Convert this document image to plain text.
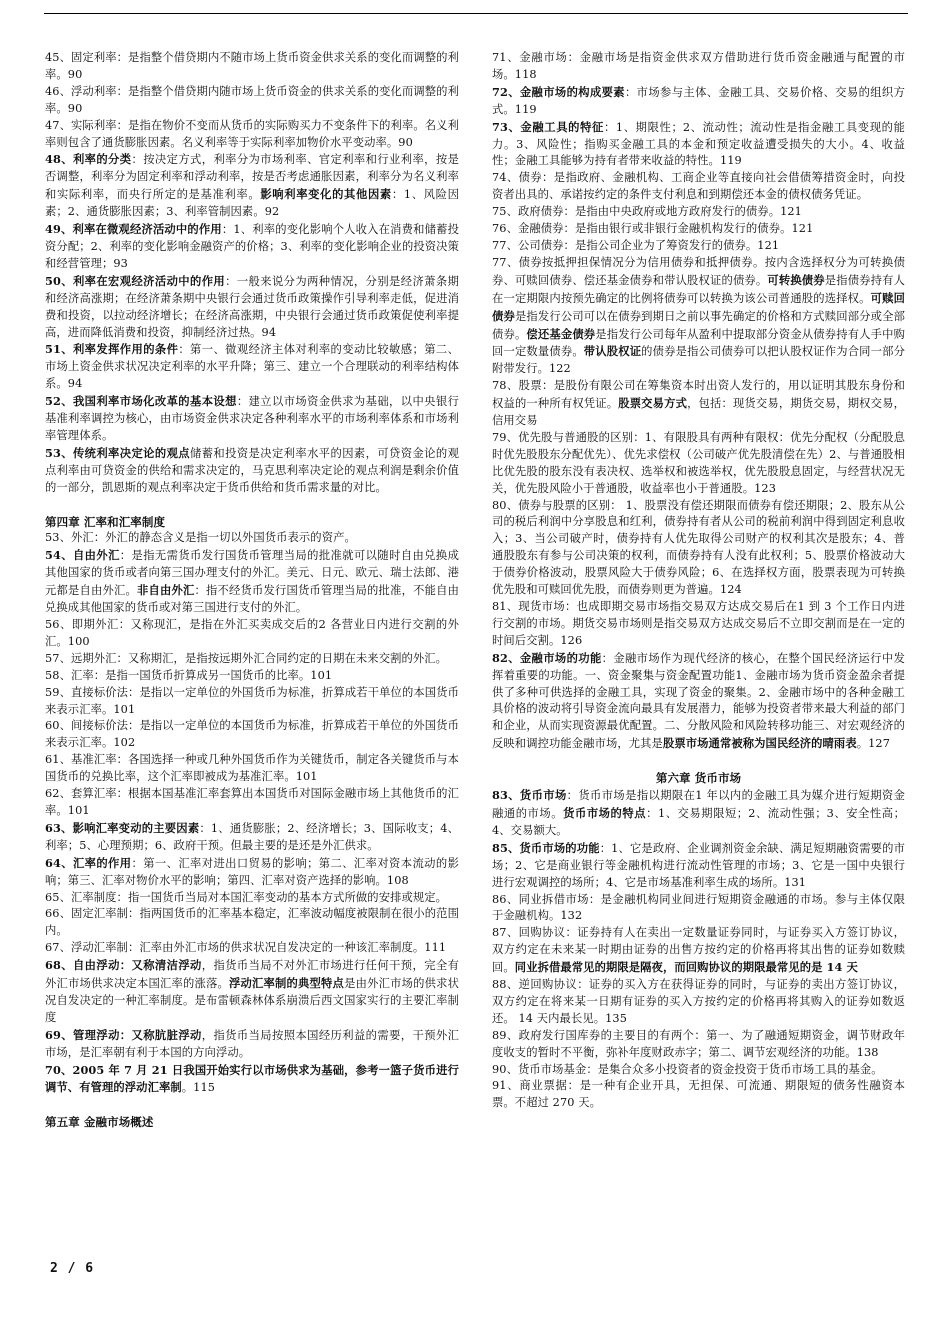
45、固定利率：是指整个借贷期内不随市场上货币资金供求关系的变化而调整的利率。90

46、浮动利率：是指整个借贷期内随市场上货币资金的供求关系的变化而调整的利率。90

47、实际利率：是指在物价不变而从货币的实际购买力不变条件下的利率。名义利率则包含了通货膨胀因素。名义利率等于实际利率加物价水平变动率。90

48、利率的分类：按决定方式，利率分为市场利率、官定利率和行业利率，按是否调整，利率分为固定利率和浮动利率，按是否考虑通胀因素，利率分为名义利率和实际利率，而央行所定的是基准利率。影响利率变化的其他因素：1、风险因素；2、通货膨胀因素；3、利率管制因素。92

49、利率在微观经济活动中的作用：1、利率的变化影响个人收入在消费和储蓄投资分配；2、利率的变化影响金融资产的价格；3、利率的变化影响企业的投资决策和经营管理；93

50、利率在宏观经济活动中的作用：一般来说分为两种情况，分别是经济萧条期和经济高涨期；在经济萧条期中央银行会通过货币政策操作引导利率走低，促进消费和投资，以拉动经济增长；在经济高涨期，中央银行会通过货币政策促使利率提高，进而降低消费和投资，抑制经济过热。94

51、利率发挥作用的条件：第一、微观经济主体对利率的变动比较敏感；第二、市场上资金供求状况决定利率的水平升降；第三、建立一个合理联动的利率结构体系。94

52、我国利率市场化改革的基本设想：建立以市场资金供求为基础，以中央银行基准利率调控为核心，由市场资金供求决定各种利率水平的市场利率体系和市场利率管理体系。

53、传统利率决定论的观点储蓄和投资是决定利率水平的因素，可贷资金论的观点利率由可贷资金的供给和需求决定的，马克思利率决定论的观点利润是剩余价值的一部分，凯恩斯的观点利率决定于货币供给和货币需求量的对比。

第四章 汇率和汇率制度

53、外汇：外汇的静态含义是指一切以外国货币表示的资产。

54、自由外汇：是指无需货币发行国货币管理当局的批准就可以随时自由兑换成其他国家的货币或者向第三国办理支付的外汇。美元、日元、欧元、瑞士法郎、港元都是自由外汇。非自由外汇：指不经货币发行国货币管理当局的批准，不能自由兑换成其他国家的货币或对第三国进行支付的外汇。

56、即期外汇：又称现汇，是指在外汇买卖成交后的2 各营业日内进行交割的外汇。100

57、远期外汇：又称期汇，是指按远期外汇合同约定的日期在未来交割的外汇。

58、汇率：是指一国货币折算成另一国货币的比率。101

59、直接标价法：是指以一定单位的外国货币为标准，折算成若干单位的本国货币来表示汇率。101

60、间接标价法：是指以一定单位的本国货币为标准，折算成若干单位的外国货币来表示汇率。102

61、基准汇率：各国选择一种或几种外国货币作为关键货币，制定各关键货币与本国货币的兑换比率，这个汇率即被成为基准汇率。101

62、套算汇率：根据本国基准汇率套算出本国货币对国际金融市场上其他货币的汇率。101

63、影响汇率变动的主要因素：1、通货膨胀；2、经济增长；3、国际收支；4、利率；5、心理预期；6、政府干预。但最主要的是还是外汇供求。

64、汇率的作用：第一、汇率对进出口贸易的影响；第二、汇率对资本流动的影响；第三、汇率对物价水平的影响；第四、汇率对资产选择的影响。108

65、汇率制度：指一国货币当局对本国汇率变动的基本方式所做的安排或规定。

66、固定汇率制：指两国货币的汇率基本稳定，汇率波动幅度被限制在很小的范围内。

67、浮动汇率制：汇率由外汇市场的供求状况自发决定的一种该汇率制度。111

68、自由浮动：又称清洁浮动，指货币当局不对外汇市场进行任何干预，完全有外汇市场供求决定本国汇率的涨落。浮动汇率制的典型特点是由外汇市场的供求状况自发决定的一种汇率制度。是布雷顿森林体系崩溃后西文国家实行的主要汇率制度

69、管理浮动：又称肮脏浮动，指货币当局按照本国经历利益的需要，干预外汇市场，是汇率朝有利于本国的方向浮动。

70、2005 年 7 月 21 日我国开始实行以市场供求为基础，参考一篮子货币进行调节、有管理的浮动汇率制。115

第五章 金融市场概述

71、金融市场：金融市场是指资金供求双方借助进行货币资金融通与配置的市场。118

72、金融市场的构成要素：市场参与主体、金融工具、交易价格、交易的组织方式。119

73、金融工具的特征：1、期限性；2、流动性；流动性是指金融工具变现的能力。3、风险性；指购买金融工具的本金和预定收益遭受损失的大小。4、收益性；金融工具能够为持有者带来收益的特性。119

74、债券：是指政府、金融机构、工商企业等直接向社会借债筹措资金时，向投资者出具的、承诺按约定的条件支付利息和到期偿还本金的债权债务凭证。

75、政府债券：是指由中央政府或地方政府发行的债券。121

76、金融债券：是指由银行或非银行金融机构发行的债券。121

77、公司债券：是指公司企业为了筹资发行的债券。121

77、债券按抵押担保情况分为信用债券和抵押债券。按内含选择权分为可转换债券、可赎回债券、偿还基金债券和带认股权证的债券。可转换债券是指债券持有人在一定期限内按预先确定的比例将债券可以转换为该公司普通股的选择权。可赎回债券是指发行公司可以在债券到期日之前以事先确定的价格和方式赎回部分或全部债券。偿还基金债券是指发行公司每年从盈利中提取部分资金从债券持有人手中购回一定数量债券。带认股权证的债券是指公司债券可以把认股权证作为合同一部分附带发行。122

78、股票：是股份有限公司在筹集资本时出资人发行的，用以证明其股东身份和权益的一种所有权凭证。股票交易方式，包括：现货交易，期货交易，期权交易，信用交易

79、优先股与普通股的区别：1、有限股具有两种有限权：优先分配权（分配股息时优先股股东分配优先）、优先求偿权（公司破产优先股清偿在先）2、与普通股相比优先股的股东没有表决权、选举权和被选举权，优先股股息固定，与经营状况无关，优先股风险小于普通股，收益率也小于普通股。123

80、债券与股票的区别： 1、股票没有偿还期限而债券有偿还期限；2、股东从公司的税后利润中分享股息和红利，债券持有者从公司的税前利润中得到固定利息收入；3、当公司破产时，债券持有人优先取得公司财产的权利其次是股东；4、普通股股东有参与公司决策的权利，而债券持有人没有此权利；5、股票价格波动大于债券价格波动，股票风险大于债券风险；6、在选择权方面，股票表现为可转换优先股和可赎回优先股，而债券则更为普遍。124

81、现货市场：也成即期交易市场指交易双方达成交易后在1 到 3 个工作日内进行交割的市场。期货交易市场则是指交易双方达成交易后不立即交割而是在一定的时间后交割。126

82、金融市场的功能：金融市场作为现代经济的核心，在整个国民经济运行中发挥着重要的功能。一、资金聚集与资金配置功能1、金融市场为货币资金盈余者提供了多种可供选择的金融工具，实现了资金的聚集。2、金融市场中的各种金融工具价格的波动将引导资金流向最具有发展潜力，能够为投资者带来最大利益的部门和企业，从而实现资源最优配置。二、分散风险和风险转移功能三、对宏观经济的反映和调控功能金融市场，尤其是股票市场通常被称为国民经济的晴雨表。127

第六章 货币市场

83、货币市场：货币市场是指以期限在1 年以内的金融工具为媒介进行短期资金融通的市场。货币市场的特点：1、交易期限短；2、流动性强；3、安全性高；4、交易额大。

85、货币市场的功能：1、它是政府、企业调剂资金余缺、满足短期融资需要的市场；2、它是商业银行等金融机构进行流动性管理的市场；3、它是一国中央银行进行宏观调控的场所；4、它是市场基准利率生成的场所。131

86、同业拆借市场：是金融机构同业间进行短期资金融通的市场。参与主体仅限于金融机构。132

87、回购协议：证券持有人在卖出一定数量证券同时，与证券买入方签订协议，双方约定在未来某一时期由证券的出售方按约定的价格再将其出售的证券如数赎回。同业拆借最常见的期限是隔夜，而回购协议的期限最常见的是 14 天

88、逆回购协议：证券的买入方在获得证券的同时，与证券的卖出方签订协议，双方约定在将来某一日期有证券的买入方按约定的价格再将其购入的证券如数返还。 14 天内最长见。135

89、政府发行国库券的主要目的有两个：第一、为了融通短期资金，调节财政年度收支的暂时不平衡，弥补年度财政赤字；第二、调节宏观经济的功能。138

90、货币市场基金：是集合众多小投资者的资金投资于货币市场工具的基金。

91、商业票据：是一种有企业开具，无担保、可流通、期限短的债务性融资本票。不超过 270 天。

2 / 6
